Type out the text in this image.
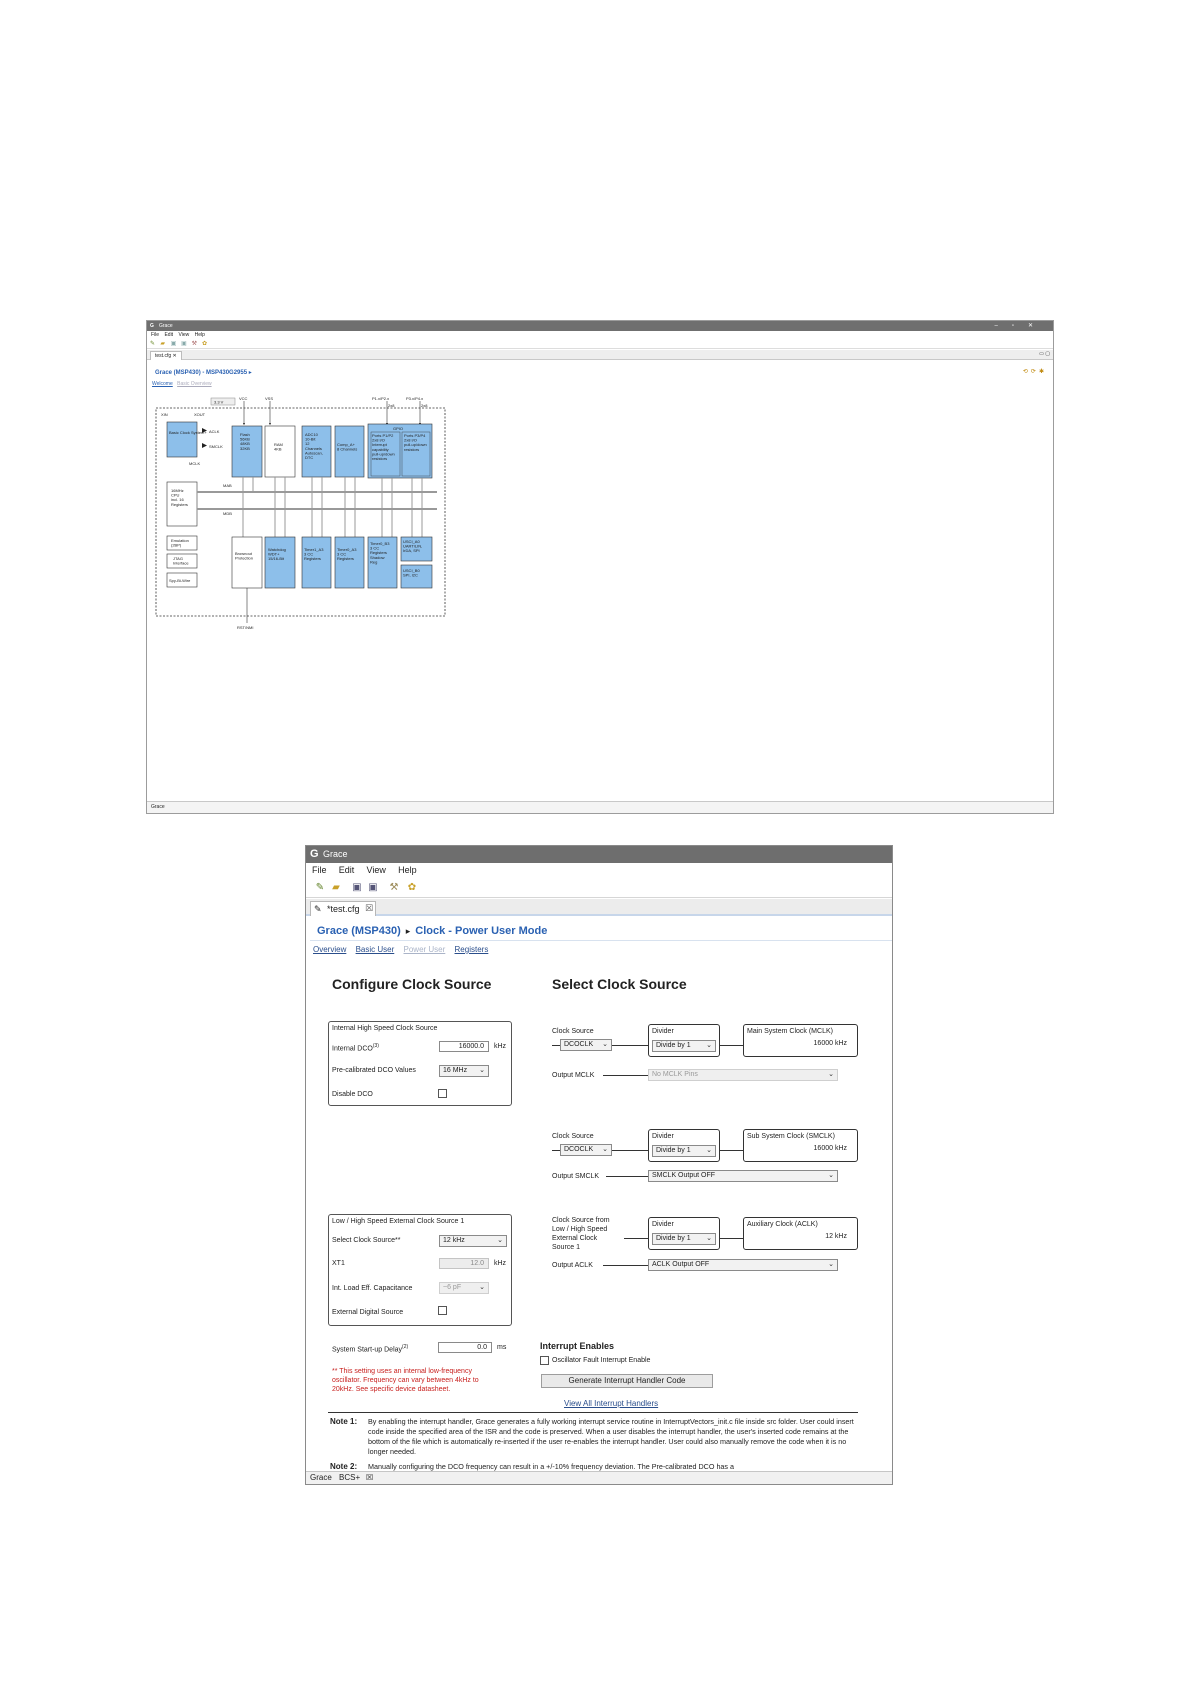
G Grace	–▫✕
File Edit View Help
✎ ▰ ▣ ▣ ⚒ ✿
test.cfg ✕	▭ ▢
Grace (MSP430) - MSP430G2955 ▸	⟲⟳✱
Welcome Basic Overview
3.3 V
VCC	VSS	P1.x/P2.x	P3.x/P4.x
2x8	2x8
XIN	XOUT
ACLK
SMCLK
MCLK
MAB
MDB
Basic Clock System+	Flash 56KB 48KB 32KB
RAM 4KB
ADC10 10-Bit 12 Channels Autoscan, DTC
Comp_A+ 8 Channels
GPIO
Ports P1/P2 2x8 I/O Interrupt capability pull-up/down resistors
Ports P3/P4 2x8 I/O pull-up/down resistors
16MHz CPU incl. 16 Registers
Emulation (2BP)
JTAG Interface
Spy-Bi-Wire
Brownout Protection
Watchdog WDT+ 15/16-Bit
Timer1_A3 3 CC Registers
Timer0_A3 3 CC Registers
Timer0_B3 3 CC Registers Shadow Reg
USCI_A0 UART/LIN, IrDA, SPI
USCI_B0 SPI, I2C
RST/NMI
Grace
G Grace
File Edit View Help
✎ ▰ ▣ ▣ ⚒ ✿
✎ *test.cfg ☒
Grace (MSP430) ▸ Clock - Power User Mode
Overview Basic User Power User Registers
Configure Clock Source	Select Clock Source
Internal High Speed Clock Source
Internal DCO$^{(3)}$	16000.0	kHz
Pre-calibrated DCO Values	16 MHz ⌄
Disable DCO
Low / High Speed External Clock Source 1
Select Clock Source**	12 kHz	⌄
XT1	12.0	kHz
Int. Load Eff. Capacitance	~6 pF	⌄
External Digital Source
System Start-up Delay$^{(2)}$	0.0	ms
** This setting uses an internal low-frequency
oscillator. Frequency can vary between 4kHz to
20kHz. See specific device datasheet.
Clock Source
DCOCLK ⌄
Divider
Divide by 1 ⌄
Main System Clock (MCLK)
16000 kHz
Output MCLK	No MCLK Pins	⌄
Clock Source
DCOCLK ⌄
Divider
Divide by 1 ⌄
Sub System Clock (SMCLK)
16000 kHz
Output SMCLK	SMCLK Output OFF	⌄
Clock Source from
Low / High Speed
External Clock
Source 1
Divider
Divide by 1 ⌄
Auxiliary Clock (ACLK)
12 kHz
Output ACLK	ACLK Output OFF	⌄
Interrupt Enables
Oscillator Fault Interrupt Enable
Generate Interrupt Handler Code
View All Interrupt Handlers
Note 1: By enabling the interrupt handler, Grace generates a fully working interrupt service routine in InterruptVectors_init.c file inside src folder. User could insert code inside the specified area of the ISR and the code is preserved. When a user disables the interrupt handler, the user's inserted code remains at the bottom of the file which is automatically re-inserted if the user re-enables the interrupt handler. User could also manually remove the code when it is no longer needed.
Note 2: Manually configuring the DCO frequency can result in a +/-10% frequency deviation. The Pre-calibrated DCO has a
Grace BCS+ ☒
